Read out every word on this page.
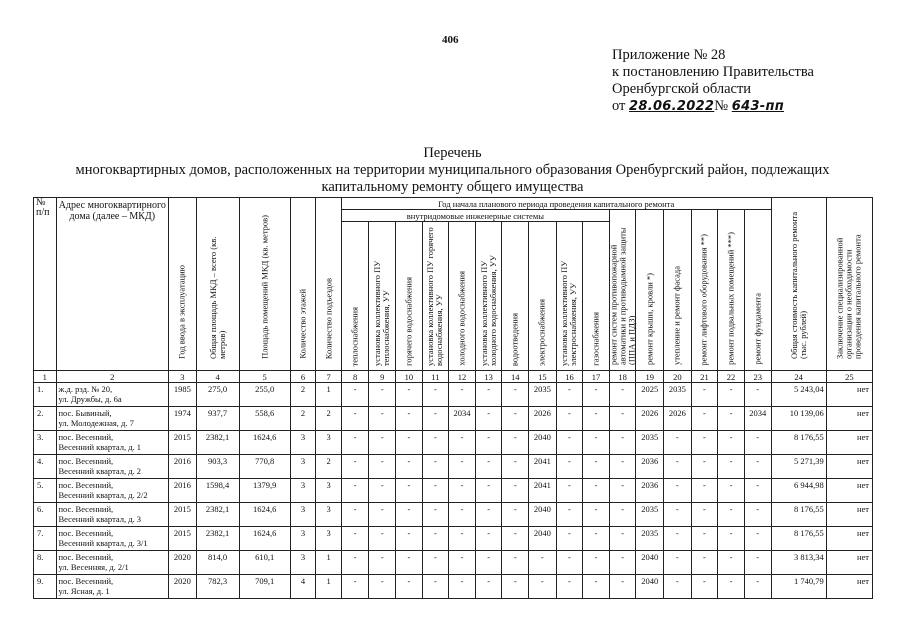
406
Приложение № 28
к постановлению Правительства
Оренбургской области
от 28.06.2022№ 643-пп
Перечень
многоквартирных домов, расположенных на территории муниципального образования Оренбургский район, подлежащих
капитальному ремонту общего имущества
№ п/п	Адрес многоквартирного дома (далее – МКД)	Год ввода в эксплуатацию	Общая площадь МКД – всего (кв. метров)	Площадь помещений МКД (кв. метров)	Количество этажей	Количество подъездов	Год начала планового периода проведения капитального ремонта																Общая стоимость капитального ремонта (тыс. рублей)	Заключение специализированной организации о необходимости проведения капитального ремонта

							внутридомовые инженерные системы										ремонт систем противопожарной автоматики и противодымной защиты (ППА и ПДЗ)	ремонт крыши, кровли *)	утепление и ремонт фасада	ремонт лифтового оборудования **)	ремонт подвальных помещений ***)	ремонт фундамента		

							теплоснабжения	установка коллективного ПУ теплоснабжения, УУ	горячего водоснабжения	установка коллективного ПУ горячего водоснабжения, УУ	холодного водоснабжения	установка коллективного ПУ холодного водоснабжения, УУ	водоотведения	электроснабжения	установка коллективного ПУ электроснабжения, УУ	газоснабжения								

1	2	3	4	5	6	7	8	9	10	11	12	13	14	15	16	17	18	19	20	21	22	23	24	25
1.	ж.д. рзд. № 20,
ул. Дружбы, д. 6а	1985	275,0	255,0	2	1	-	-	-	-	-	-	-	2035	-	-	-	2025	2035	-	-	-	5 243,04	нет
2.	пос. Бывиный,
ул. Молодежная, д. 7	1974	937,7	558,6	2	2	-	-	-	-	2034	-	-	2026	-	-	-	2026	2026	-	-	2034	10 139,06	нет
3.	пос. Весенний,
Весенний квартал, д. 1	2015	2382,1	1624,6	3	3	-	-	-	-	-	-	-	2040	-	-	-	2035	-	-	-	-	8 176,55	нет
4.	пос. Весенний,
Весенний квартал, д. 2	2016	903,3	770,8	3	2	-	-	-	-	-	-	-	2041	-	-	-	2036	-	-	-	-	5 271,39	нет
5.	пос. Весенний,
Весенний квартал, д. 2/2	2016	1598,4	1379,9	3	3	-	-	-	-	-	-	-	2041	-	-	-	2036	-	-	-	-	6 944,98	нет
6.	пос. Весенний,
Весенний квартал, д. 3	2015	2382,1	1624,6	3	3	-	-	-	-	-	-	-	2040	-	-	-	2035	-	-	-	-	8 176,55	нет
7.	пос. Весенний,
Весенний квартал, д. 3/1	2015	2382,1	1624,6	3	3	-	-	-	-	-	-	-	2040	-	-	-	2035	-	-	-	-	8 176,55	нет
8.	пос. Весенний,
ул. Весенняя, д. 2/1	2020	814,0	610,1	3	1	-	-	-	-	-	-	-	-	-	-	-	2040	-	-	-	-	3 813,34	нет
9.	пос. Весенний,
ул. Ясная, д. 1	2020	782,3	709,1	4	1	-	-	-	-	-	-	-	-	-	-	-	2040	-	-	-	-	1 740,79	нет
